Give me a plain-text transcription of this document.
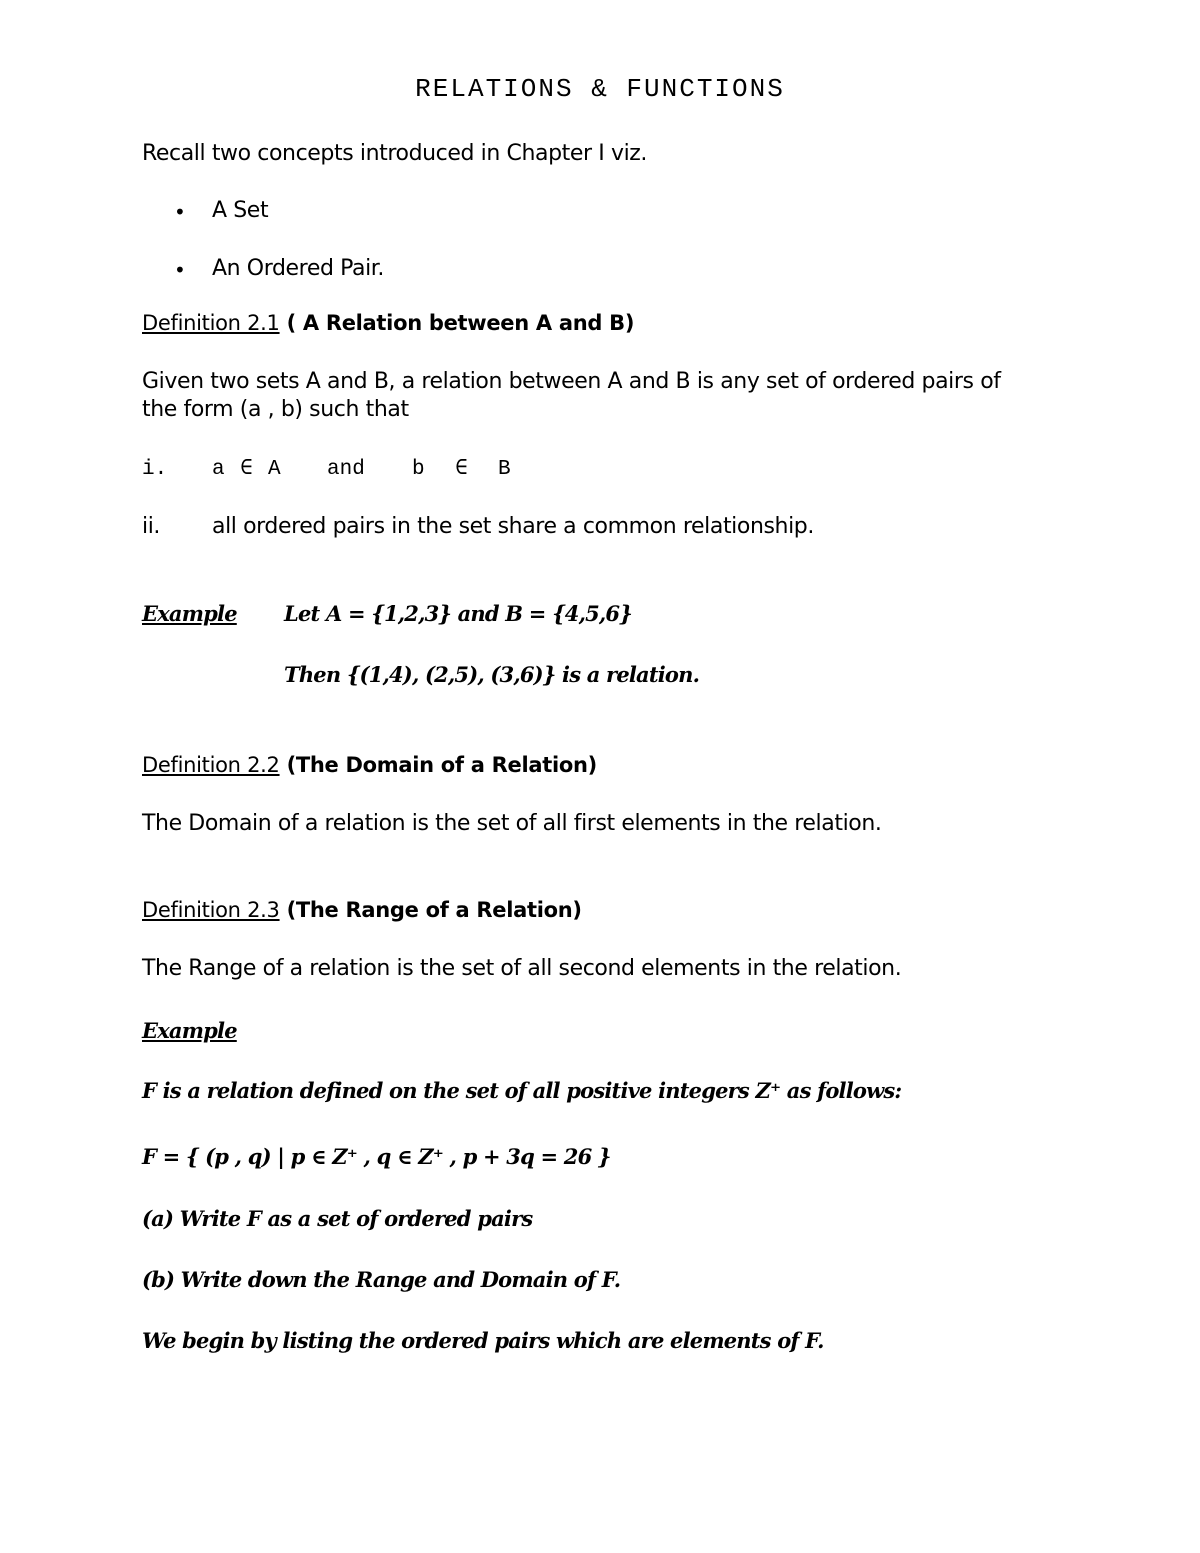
RELATIONS & FUNCTIONS
Recall two concepts introduced in Chapter I viz.
• A Set
• An Ordered Pair.
Definition 2.1 ( A Relation between A and B)
Given two sets A and B, a relation between A and B is any set of ordered pairs of
the form (a , b) such that
i. a ∈ A and b ∈ B
ii. all ordered pairs in the set share a common relationship.
Example Let A = {1,2,3} and B = {4,5,6}
Then {(1,4), (2,5), (3,6)} is a relation.
Definition 2.2 (The Domain of a Relation)
The Domain of a relation is the set of all first elements in the relation.
Definition 2.3 (The Range of a Relation)
The Range of a relation is the set of all second elements in the relation.
Example
F is a relation defined on the set of all positive integers Z⁺ as follows:
F = { (p , q) | p ∈ Z⁺ , q ∈ Z⁺ , p + 3q = 26 }
(a) Write F as a set of ordered pairs
(b) Write down the Range and Domain of F.
We begin by listing the ordered pairs which are elements of F.
